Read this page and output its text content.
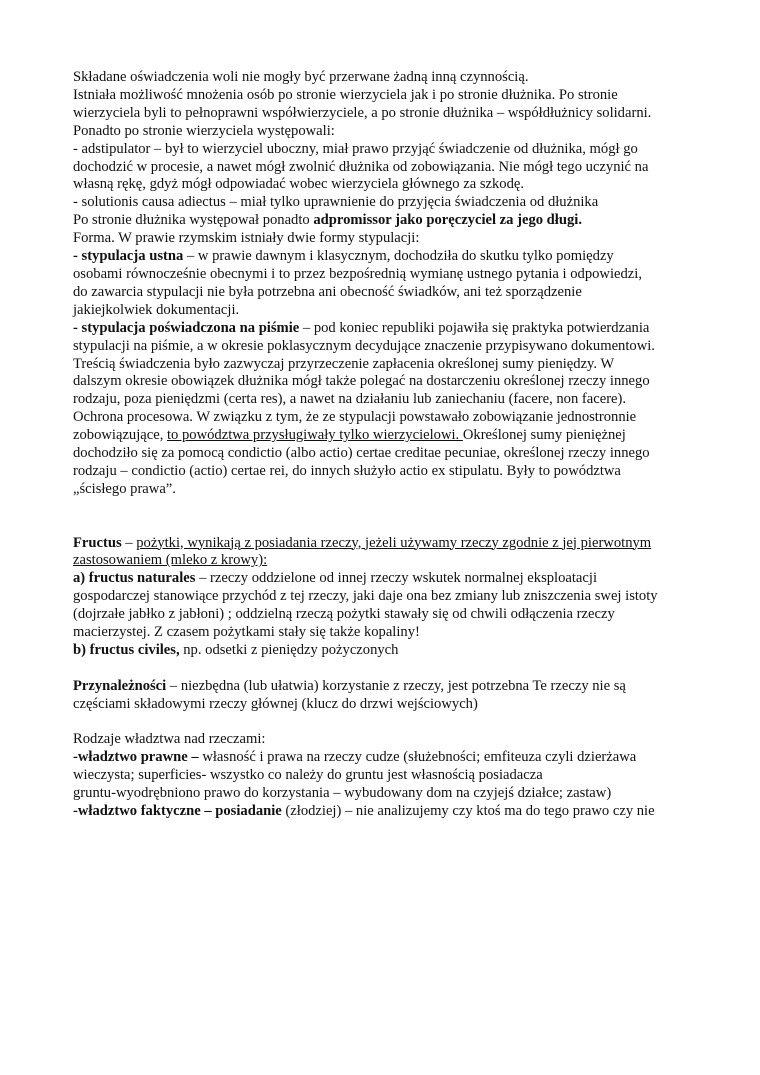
Składane oświadczenia woli nie mogły być przerwane żadną inną czynnością.
Istniała możliwość mnożenia osób po stronie wierzyciela jak i po stronie dłużnika. Po stronie
wierzyciela byli to pełnoprawni współwierzyciele, a po stronie dłużnika – współdłużnicy solidarni.
Ponadto po stronie wierzyciela występowali:
- adstipulator – był to wierzyciel uboczny, miał prawo przyjąć świadczenie od dłużnika, mógł go
dochodzić w procesie, a nawet mógł zwolnić dłużnika od zobowiązania. Nie mógł tego uczynić na
własną rękę, gdyż mógł odpowiadać wobec wierzyciela głównego za szkodę.
- solutionis causa adiectus – miał tylko uprawnienie do przyjęcia świadczenia od dłużnika
Po stronie dłużnika występował ponadto adpromissor jako poręczyciel za jego długi.
Forma. W prawie rzymskim istniały dwie formy stypulacji:
- stypulacja ustna – w prawie dawnym i klasycznym, dochodziła do skutku tylko pomiędzy
osobami równocześnie obecnymi i to przez bezpośrednią wymianę ustnego pytania i odpowiedzi,
do zawarcia stypulacji nie była potrzebna ani obecność świadków, ani też sporządzenie
jakiejkolwiek dokumentacji.
- stypulacja poświadczona na piśmie – pod koniec republiki pojawiła się praktyka potwierdzania
stypulacji na piśmie, a w okresie poklasycznym decydujące znaczenie przypisywano dokumentowi.
Treścią świadczenia było zazwyczaj przyrzeczenie zapłacenia określonej sumy pieniędzy. W
dalszym okresie obowiązek dłużnika mógł także polegać na dostarczeniu określonej rzeczy innego
rodzaju, poza pieniędzmi (certa res), a nawet na działaniu lub zaniechaniu (facere, non facere).
Ochrona procesowa. W związku z tym, że ze stypulacji powstawało zobowiązanie jednostronnie
zobowiązujące, to powództwa przysługiwały tylko wierzycielowi. Określonej sumy pieniężnej
dochodziło się za pomocą condictio (albo actio) certae creditae pecuniae, określonej rzeczy innego
rodzaju – condictio (actio) certae rei, do innych służyło actio ex stipulatu. Były to powództwa
„ścisłego prawa”.
Fructus – pożytki, wynikają z posiadania rzeczy, jeżeli używamy rzeczy zgodnie z jej pierwotnym
zastosowaniem (mleko z krowy):
a) fructus naturales – rzeczy oddzielone od innej rzeczy wskutek normalnej eksploatacji
gospodarczej stanowiące przychód z tej rzeczy, jaki daje ona bez zmiany lub zniszczenia swej istoty
(dojrzałe jabłko z jabłoni) ; oddzielną rzeczą pożytki stawały się od chwili odłączenia rzeczy
macierzystej. Z czasem pożytkami stały się także kopaliny!
b) fructus civiles, np. odsetki z pieniędzy pożyczonych
Przynależności – niezbędna (lub ułatwia) korzystanie z rzeczy, jest potrzebna Te rzeczy nie są
częściami składowymi rzeczy głównej (klucz do drzwi wejściowych)
Rodzaje władztwa nad rzeczami:
-władztwo prawne – własność i prawa na rzeczy cudze (służebności; emfiteuza czyli dzierżawa
wieczysta; superficies- wszystko co należy do gruntu jest własnością posiadacza
gruntu-wyodrębniono prawo do korzystania – wybudowany dom na czyjejś działce; zastaw)
-władztwo faktyczne – posiadanie (złodziej) – nie analizujemy czy ktoś ma do tego prawo czy nie
